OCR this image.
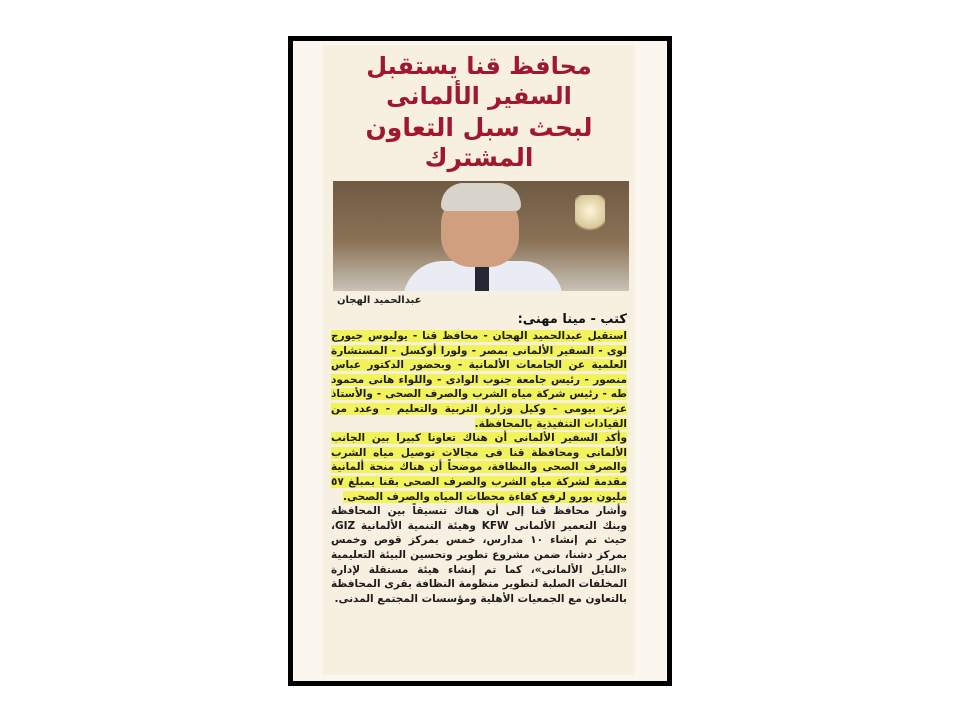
محافظ قنا يستقبل السفير الألمانى
لبحث سبل التعاون المشترك
عبدالحميد الهجان
كتب - مينا مهنى:

استقبل عبدالحميد الهجان - محافظ قنا - يوليوس جيورج لوى - السفير الألمانى بمصر - ولورا أوكسل - المستشارة العلمية عن الجامعات الألمانية - وبحضور الدكتور عباس منصور - رئيس جامعة جنوب الوادى - واللواء هانى محمود طه - رئيس شركة مياه الشرب والصرف الصحى - والأستاذ عزت بيومى - وكيل وزارة التربية والتعليم - وعدد من القيادات التنفيذية بالمحافظة.

وأكد السفير الألمانى أن هناك تعاونا كبيرا بين الجانب الألمانى ومحافظة قنا فى مجالات توصيل مياه الشرب والصرف الصحى والنظافة، موضحاً أن هناك منحة ألمانية مقدمة لشركة مياه الشرب والصرف الصحى بقنا بمبلغ ٥٧ مليون يورو لرفع كفاءة محطات المياه والصرف الصحى.

وأشار محافظ قنا إلى أن هناك تنسيقاً بين المحافظة وبنك التعمير الألمانى KFW وهيئة التنمية الألمانية GIZ، حيث تم إنشاء ١٠ مدارس، خمس بمركز قوص وخمس بمركز دشنا، ضمن مشروع تطوير وتحسين البيئة التعليمية «النايل الألمانى»، كما تم إنشاء هيئة مستقلة لإدارة المخلفات الصلبة لتطوير منظومة النظافة بقرى المحافظة بالتعاون مع الجمعيات الأهلية ومؤسسات المجتمع المدنى.
